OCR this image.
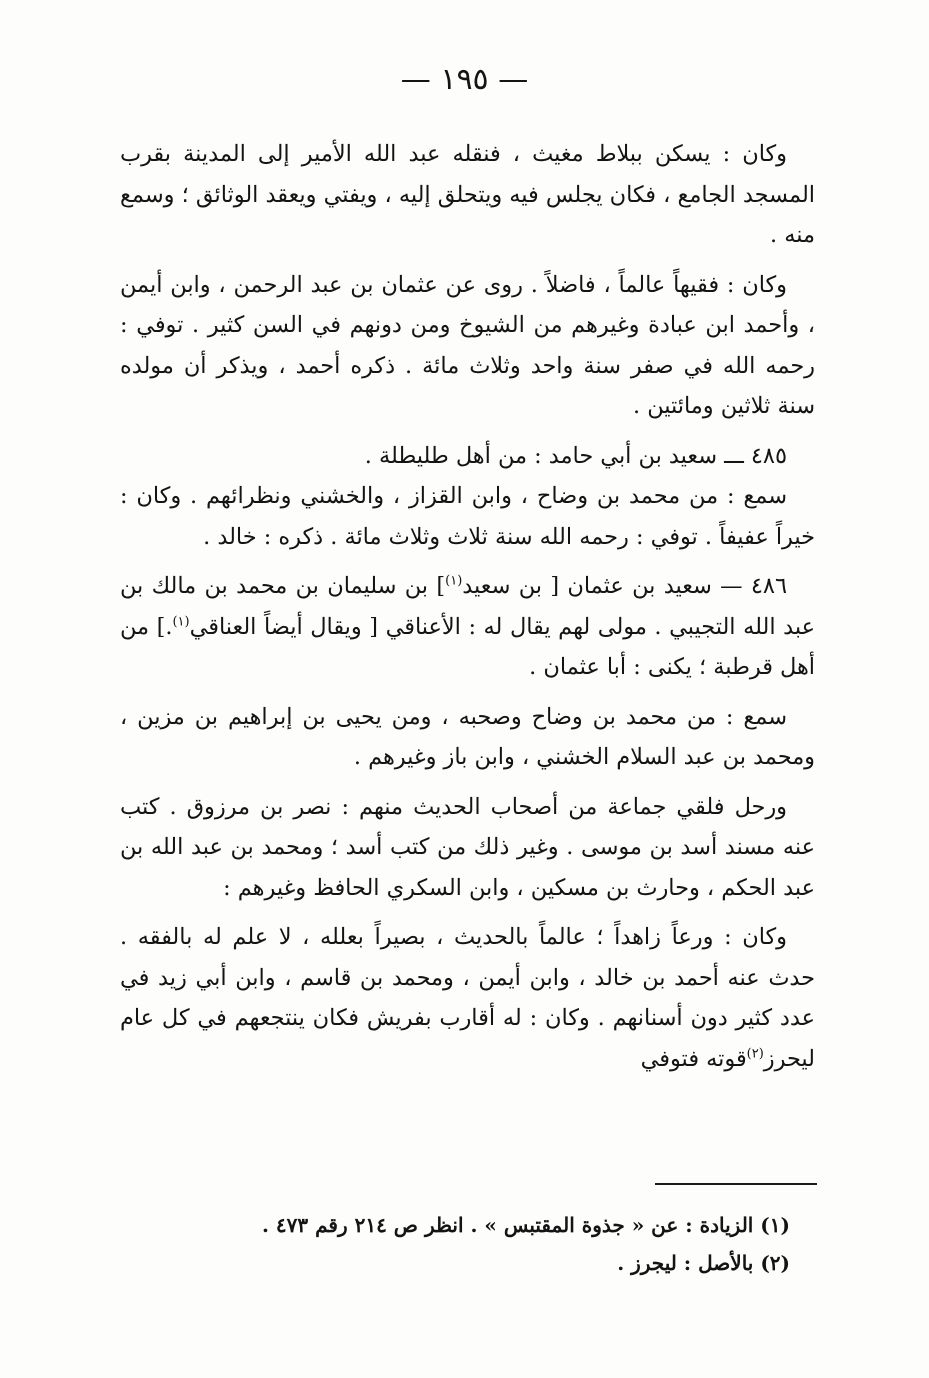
— ١٩٥ —

وكان : يسكن ببلاط مغيث ، فنقله عبد الله الأمير إلى المدينة بقرب المسجد الجامع ، فكان يجلس فيه ويتحلق إليه ، ويفتي ويعقد الوثائق ؛ وسمع منه .

وكان : فقيهاً عالماً ، فاضلاً . روى عن عثمان بن عبد الرحمن ، وابن أيمن ، وأحمد ابن عبادة وغيرهم من الشيوخ ومن دونهم في السن كثير . توفي : رحمه الله في صفر سنة واحد وثلاث مائة . ذكره أحمد ، ويذكر أن مولده سنة ثلاثين ومائتين .

٤٨٥ ـــ سعيد بن أبي حامد : من أهل طليطلة .

سمع : من محمد بن وضاح ، وابن القزاز ، والخشني ونظرائهم . وكان : خيراً عفيفاً . توفي : رحمه الله سنة ثلاث وثلاث مائة . ذكره : خالد .

٤٨٦ — سعيد بن عثمان [ بن سعيد$^{(١)}$] بن سليمان بن محمد بن مالك بن عبد الله التجيبي . مولى لهم يقال له : الأعناقي [ ويقال أيضاً العناقي$^{(١)}$.] من أهل قرطبة ؛ يكنى : أبا عثمان .

سمع : من محمد بن وضاح وصحبه ، ومن يحيى بن إبراهيم بن مزين ، ومحمد بن عبد السلام الخشني ، وابن باز وغيرهم .

ورحل فلقي جماعة من أصحاب الحديث منهم : نصر بن مرزوق . كتب عنه مسند أسد بن موسى . وغير ذلك من كتب أسد ؛ ومحمد بن عبد الله بن عبد الحكم ، وحارث بن مسكين ، وابن السكري الحافظ وغيرهم :

وكان : ورعاً زاهداً ؛ عالماً بالحديث ، بصيراً بعلله ، لا علم له بالفقه . حدث عنه أحمد بن خالد ، وابن أيمن ، ومحمد بن قاسم ، وابن أبي زيد في عدد كثير دون أسنانهم . وكان : له أقارب بفريش فكان ينتجعهم في كل عام ليحرز$^{(٢)}$قوته فتوفي

(١) الزيادة : عن « جذوة المقتبس » . انظر ص ٢١٤ رقم ٤٧٣ .

(٢) بالأصل : ليجرز .
